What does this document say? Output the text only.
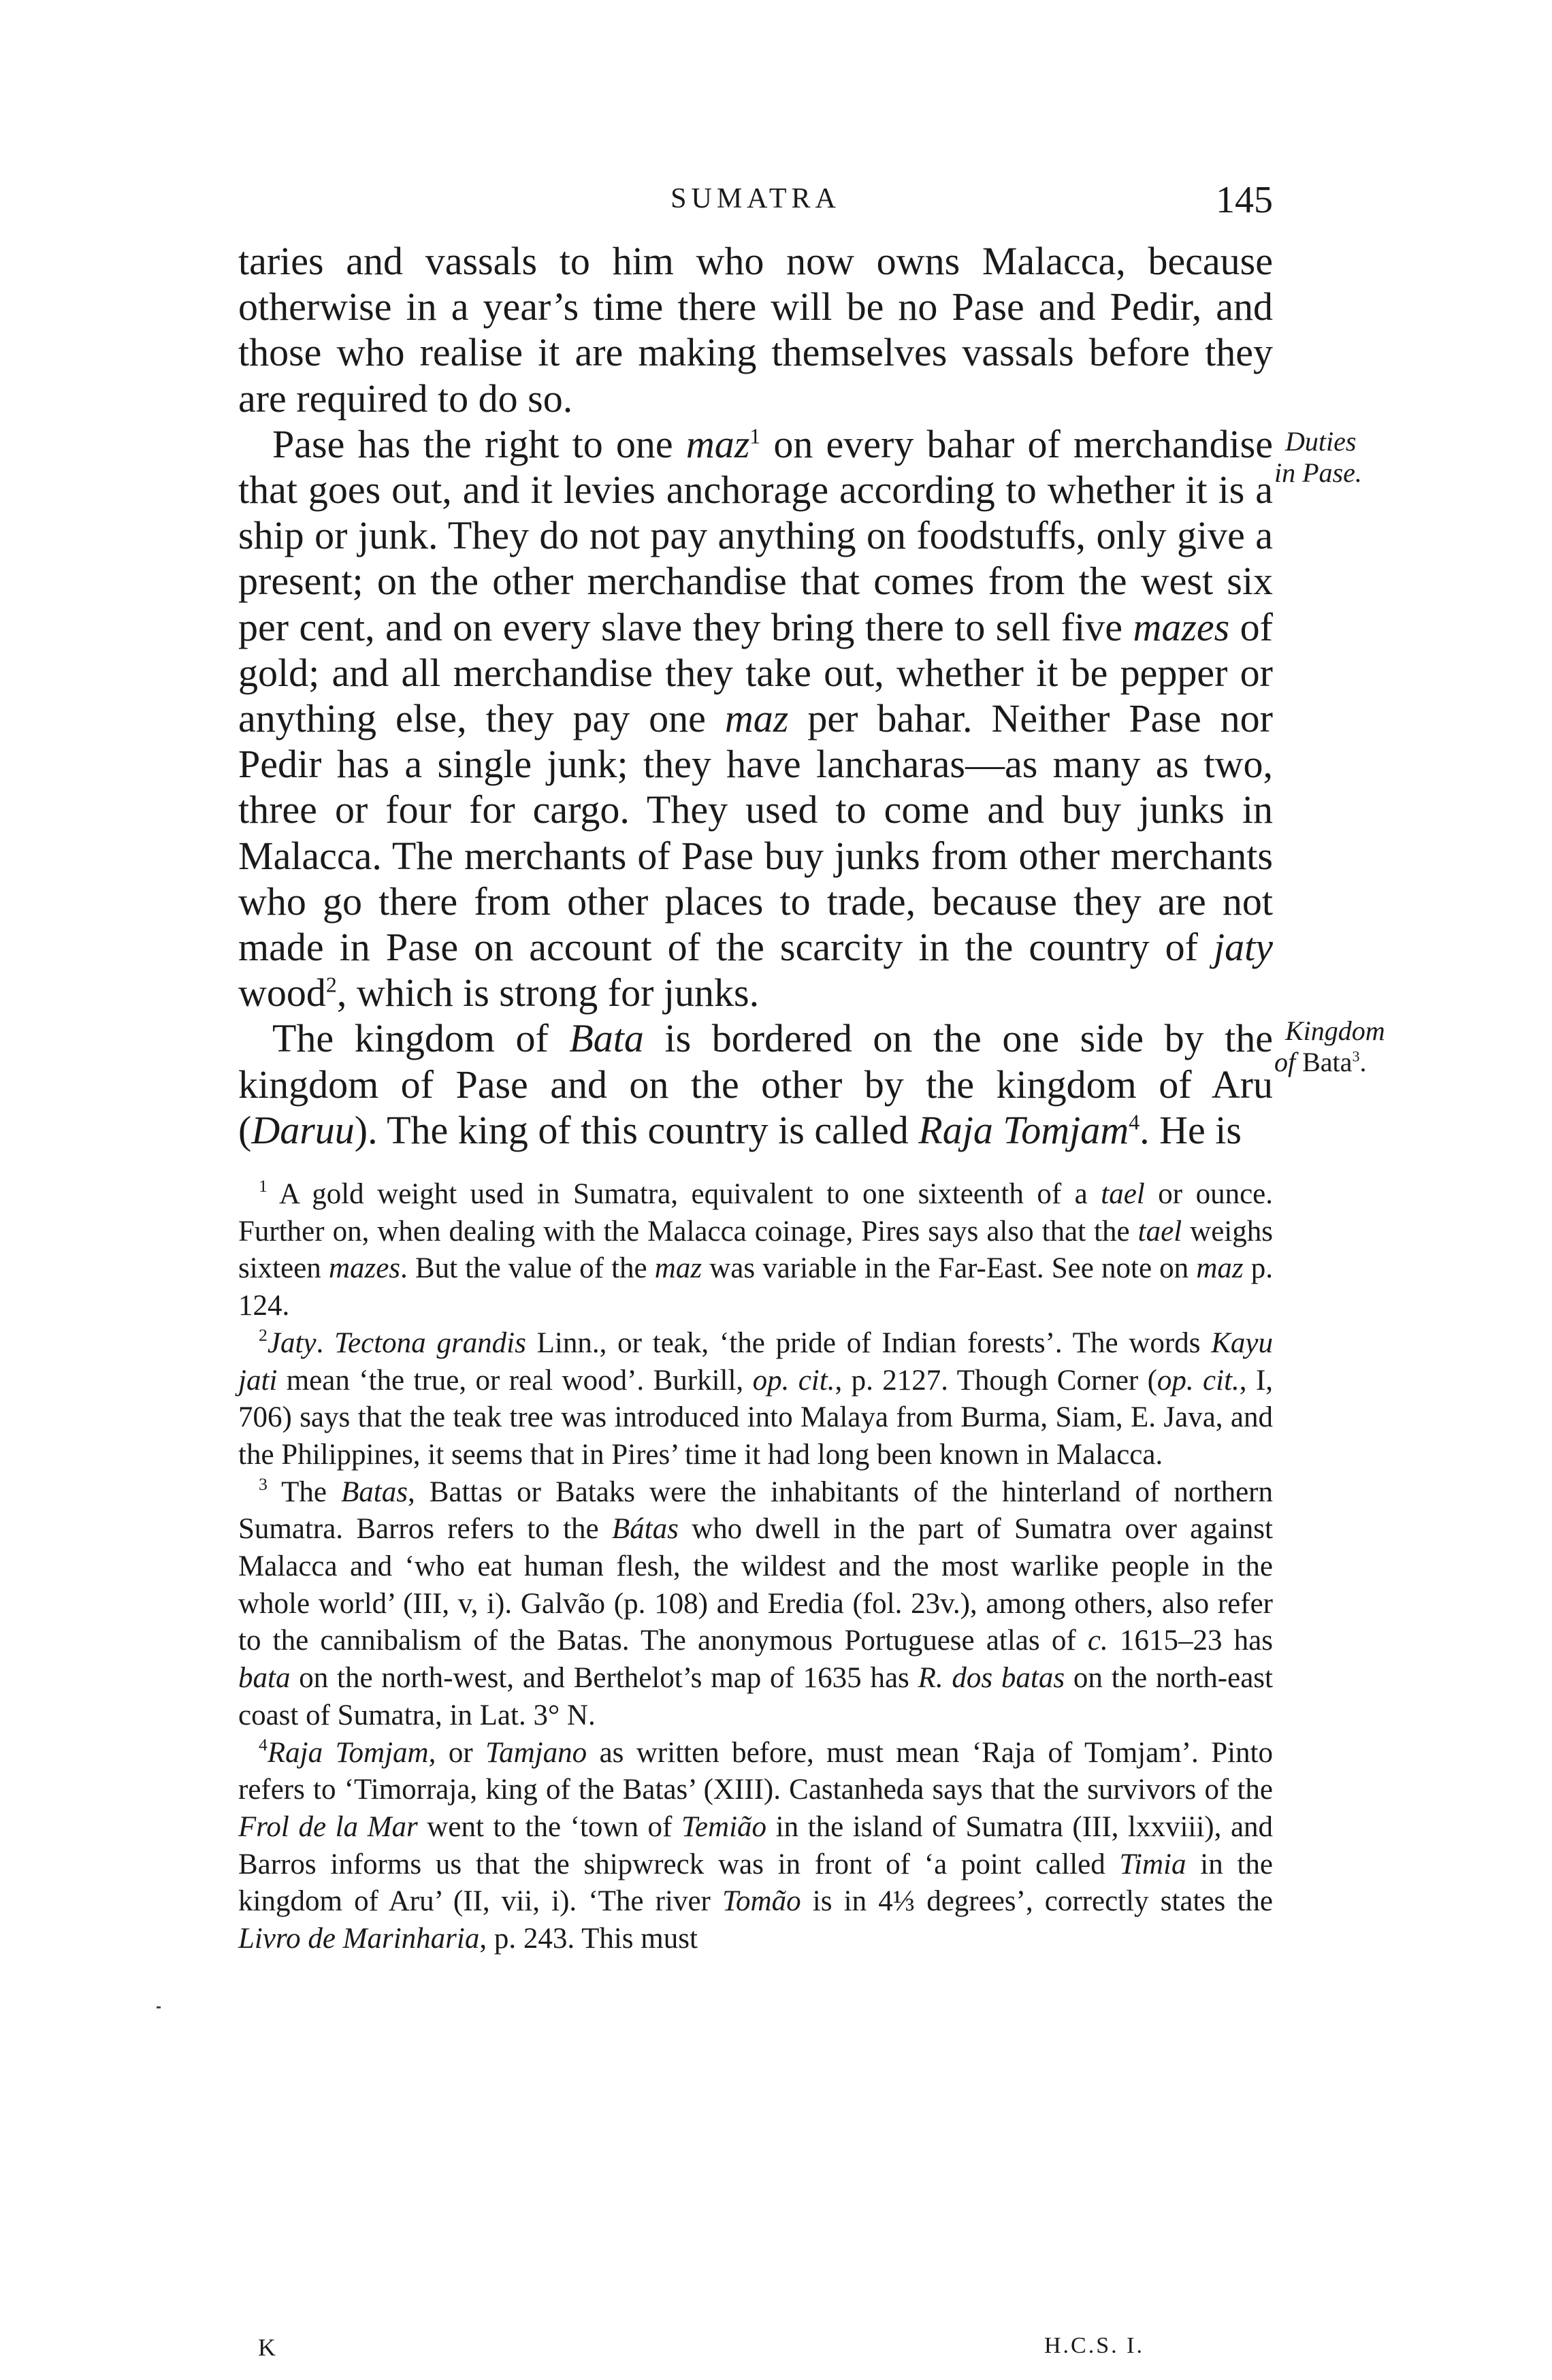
SUMATRA	145

taries and vassals to him who now owns Malacca, because otherwise in a year’s time there will be no Pase and Pedir, and those who realise it are making themselves vassals before they are required to do so.

Pase has the right to one maz$^1$ on every bahar of merchandise that goes out, and it levies anchorage according to whether it is a ship or junk. They do not pay anything on foodstuffs, only give a present; on the other merchandise that comes from the west six per cent, and on every slave they bring there to sell five mazes of gold; and all merchandise they take out, whether it be pepper or anything else, they pay one maz per bahar. Neither Pase nor Pedir has a single junk; they have lancharas—as many as two, three or four for cargo. They used to come and buy junks in Malacca. The merchants of Pase buy junks from other merchants who go there from other places to trade, because they are not made in Pase on account of the scarcity in the country of jaty wood$^2$, which is strong for junks.

The kingdom of Bata is bordered on the one side by the kingdom of Pase and on the other by the kingdom of Aru (Daruu). The king of this country is called Raja Tomjam$^4$. He is

Duties
in Pase.
Kingdom
of Bata$^3$.

$^1$ A gold weight used in Sumatra, equivalent to one sixteenth of a tael or ounce. Further on, when dealing with the Malacca coinage, Pires says also that the tael weighs sixteen mazes. But the value of the maz was variable in the Far-East. See note on maz p. 124.

$^2$Jaty. Tectona grandis Linn., or teak, ‘the pride of Indian forests’. The words Kayu jati mean ‘the true, or real wood’. Burkill, op. cit., p. 2127. Though Corner (op. cit., I, 706) says that the teak tree was introduced into Malaya from Burma, Siam, E. Java, and the Philippines, it seems that in Pires’ time it had long been known in Malacca.

$^3$ The Batas, Battas or Bataks were the inhabitants of the hinterland of northern Sumatra. Barros refers to the Bátas who dwell in the part of Sumatra over against Malacca and ‘who eat human flesh, the wildest and the most warlike people in the whole world’ (III, v, i). Galvão (p. 108) and Eredia (fol. 23v.), among others, also refer to the cannibalism of the Batas. The anonymous Portuguese atlas of c. 1615–23 has bata on the north-west, and Berthelot’s map of 1635 has R. dos batas on the north-east coast of Sumatra, in Lat. 3° N.

$^4$Raja Tomjam, or Tamjano as written before, must mean ‘Raja of Tomjam’. Pinto refers to ‘Timorraja, king of the Batas’ (XIII). Castanheda says that the survivors of the Frol de la Mar went to the ‘town of Temião in the island of Sumatra (III, lxxviii), and Barros informs us that the shipwreck was in front of ‘a point called Timia in the kingdom of Aru’ (II, vii, i). ‘The river Tomão is in 4⅓ degrees’, correctly states the Livro de Marinharia, p. 243. This must

K	H.C.S. I.
